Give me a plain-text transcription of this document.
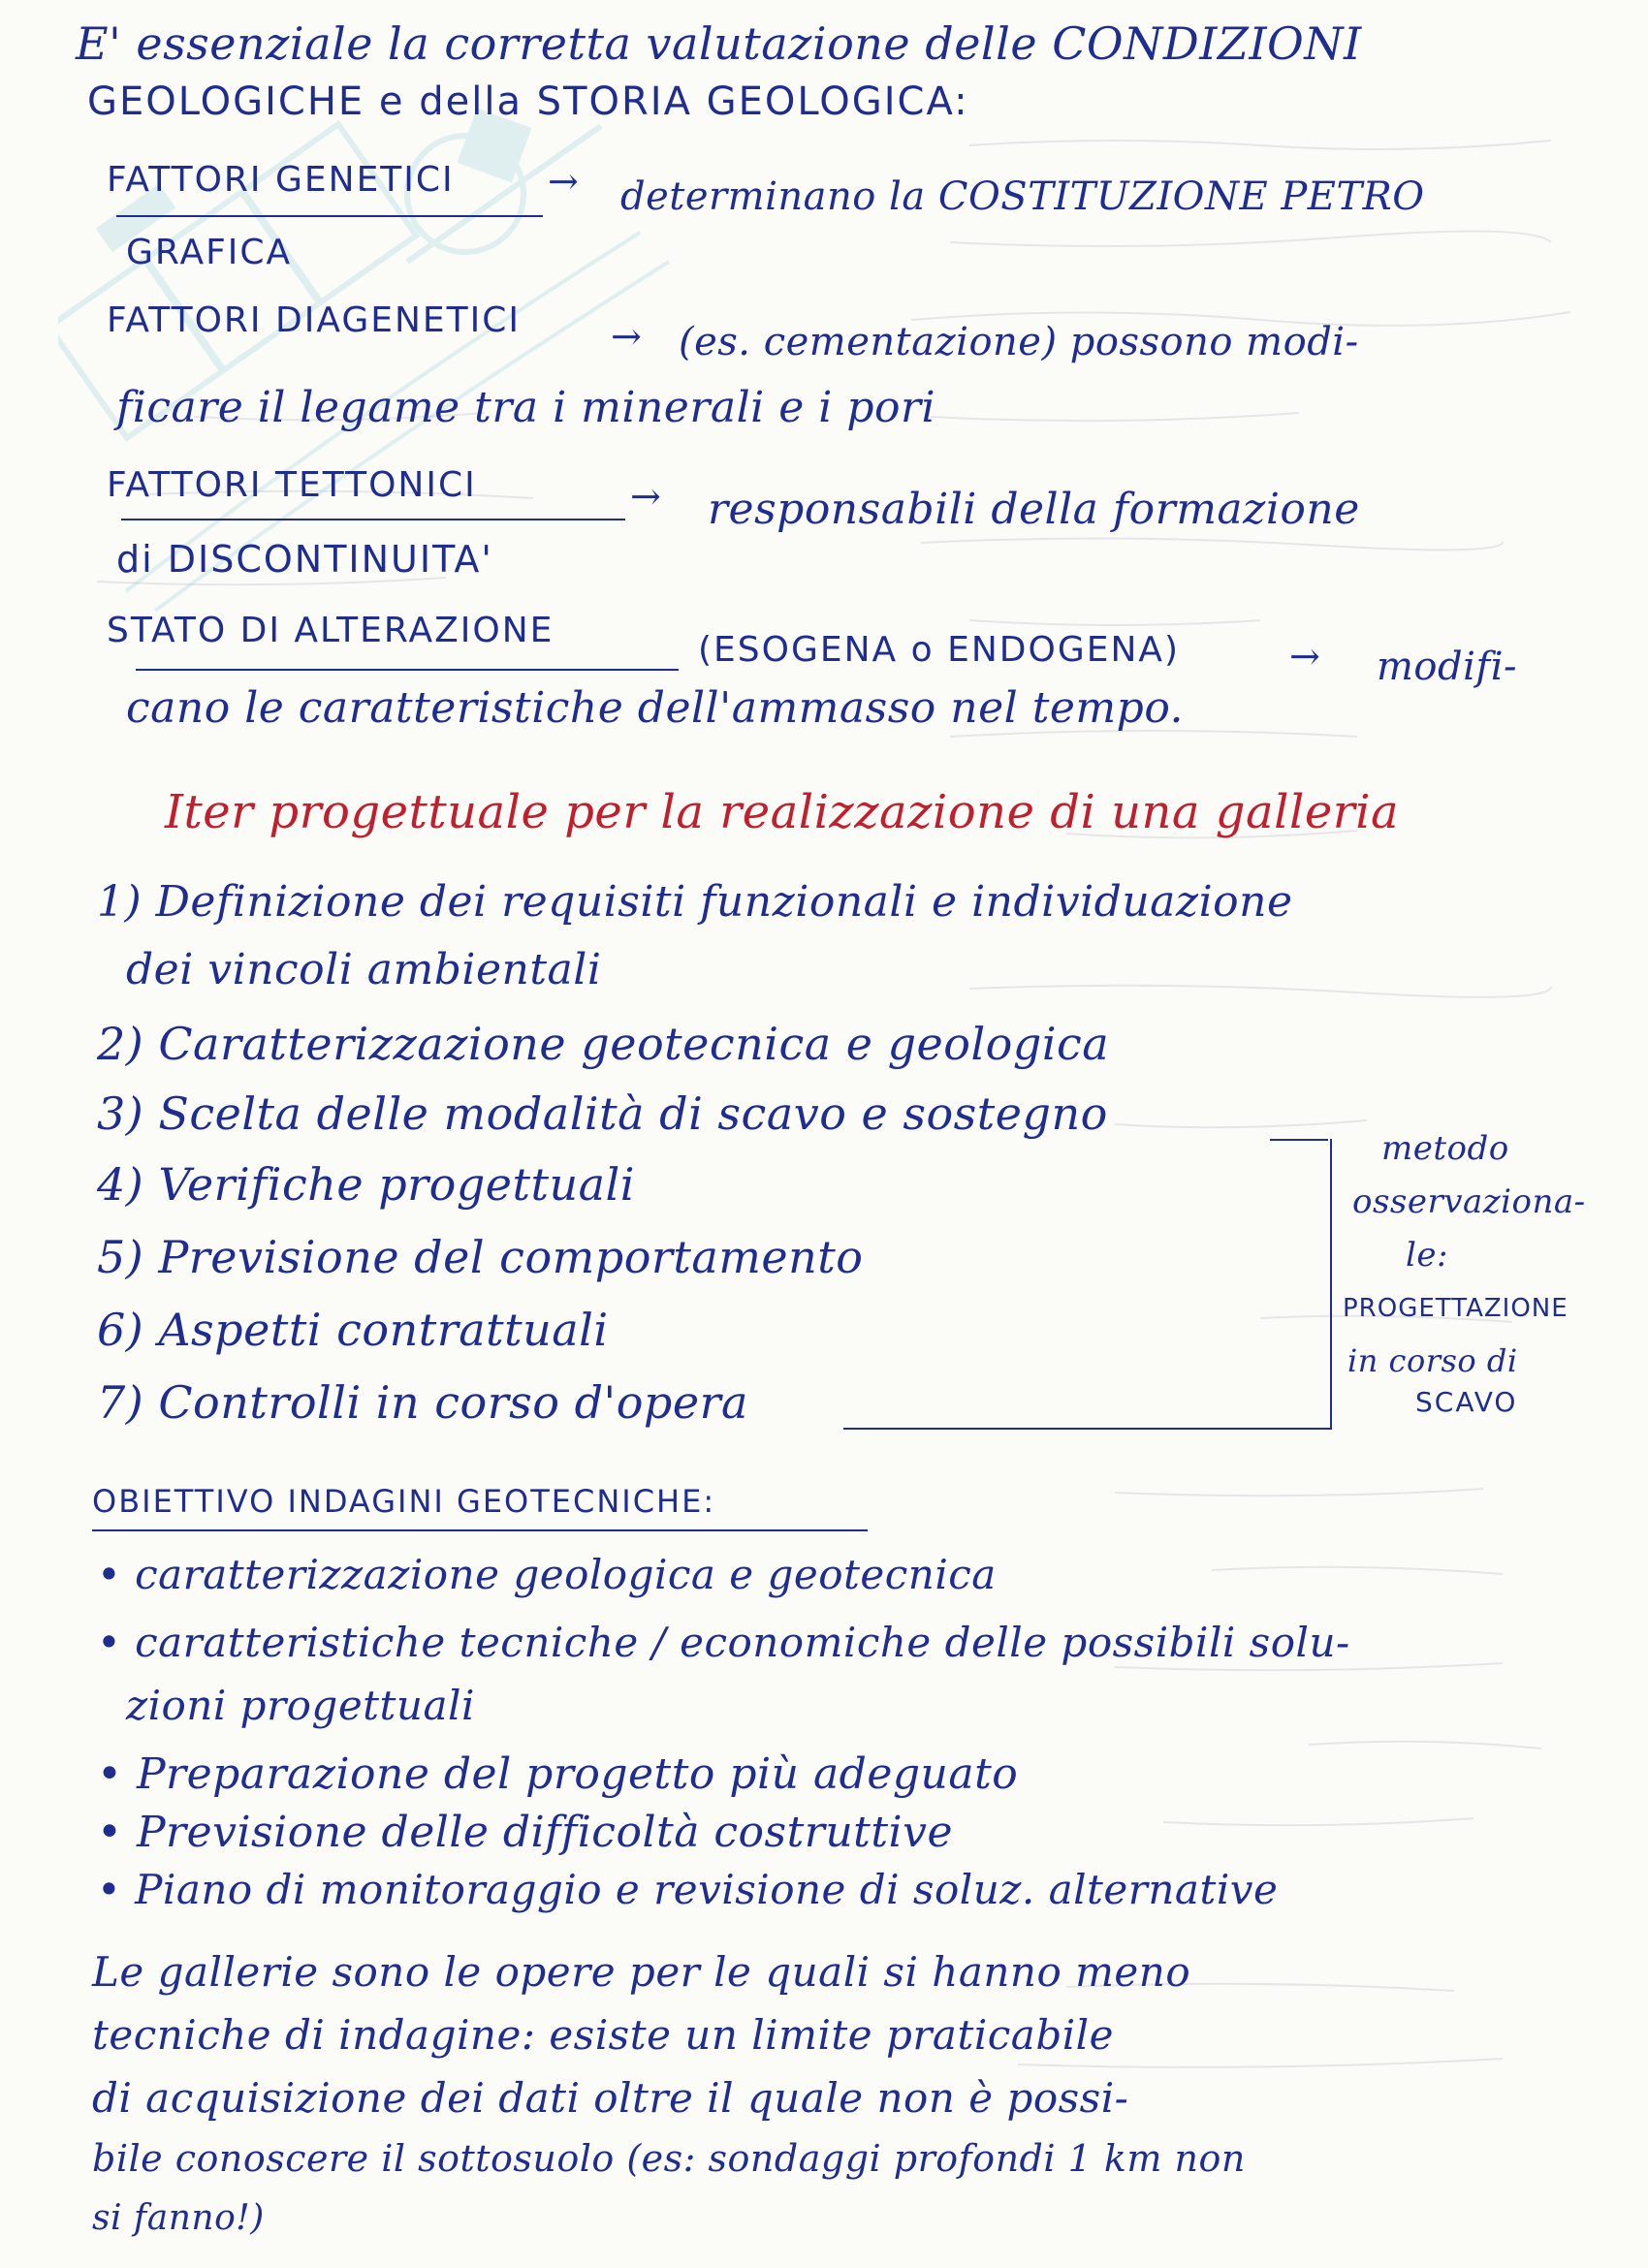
E' essenziale la corretta valutazione delle CONDIZIONI
GEOLOGICHE e della STORIA GEOLOGICA:
FATTORI GENETICI	→ determinano la COSTITUZIONE PETRO
GRAFICA
FATTORI DIAGENETICI → (es. cementazione) possono modi-
ficare il legame tra i minerali e i pori
FATTORI TETTONICI	→ responsabili della formazione
di DISCONTINUITA'
STATO DI ALTERAZIONE	(ESOGENA o ENDOGENA)	→ modifi-
cano le caratteristiche dell'ammasso nel tempo.
Iter progettuale per la realizzazione di una galleria
1) Definizione dei requisiti funzionali e individuazione
dei vincoli ambientali
2) Caratterizzazione geotecnica e geologica
3) Scelta delle modalità di scavo e sostegno
4) Verifiche progettuali
5) Previsione del comportamento
6) Aspetti contrattuali
7) Controlli in corso d'opera
metodo
osservaziona-
le:
PROGETTAZIONE
in corso di
SCAVO
OBIETTIVO INDAGINI GEOTECNICHE:
• caratterizzazione geologica e geotecnica
• caratteristiche tecniche / economiche delle possibili solu-
zioni progettuali
• Preparazione del progetto più adeguato
• Previsione delle difficoltà costruttive
• Piano di monitoraggio e revisione di soluz. alternative
Le gallerie sono le opere per le quali si hanno meno
tecniche di indagine: esiste un limite praticabile
di acquisizione dei dati oltre il quale non è possi-
bile conoscere il sottosuolo (es: sondaggi profondi 1 km non
si fanno!)
